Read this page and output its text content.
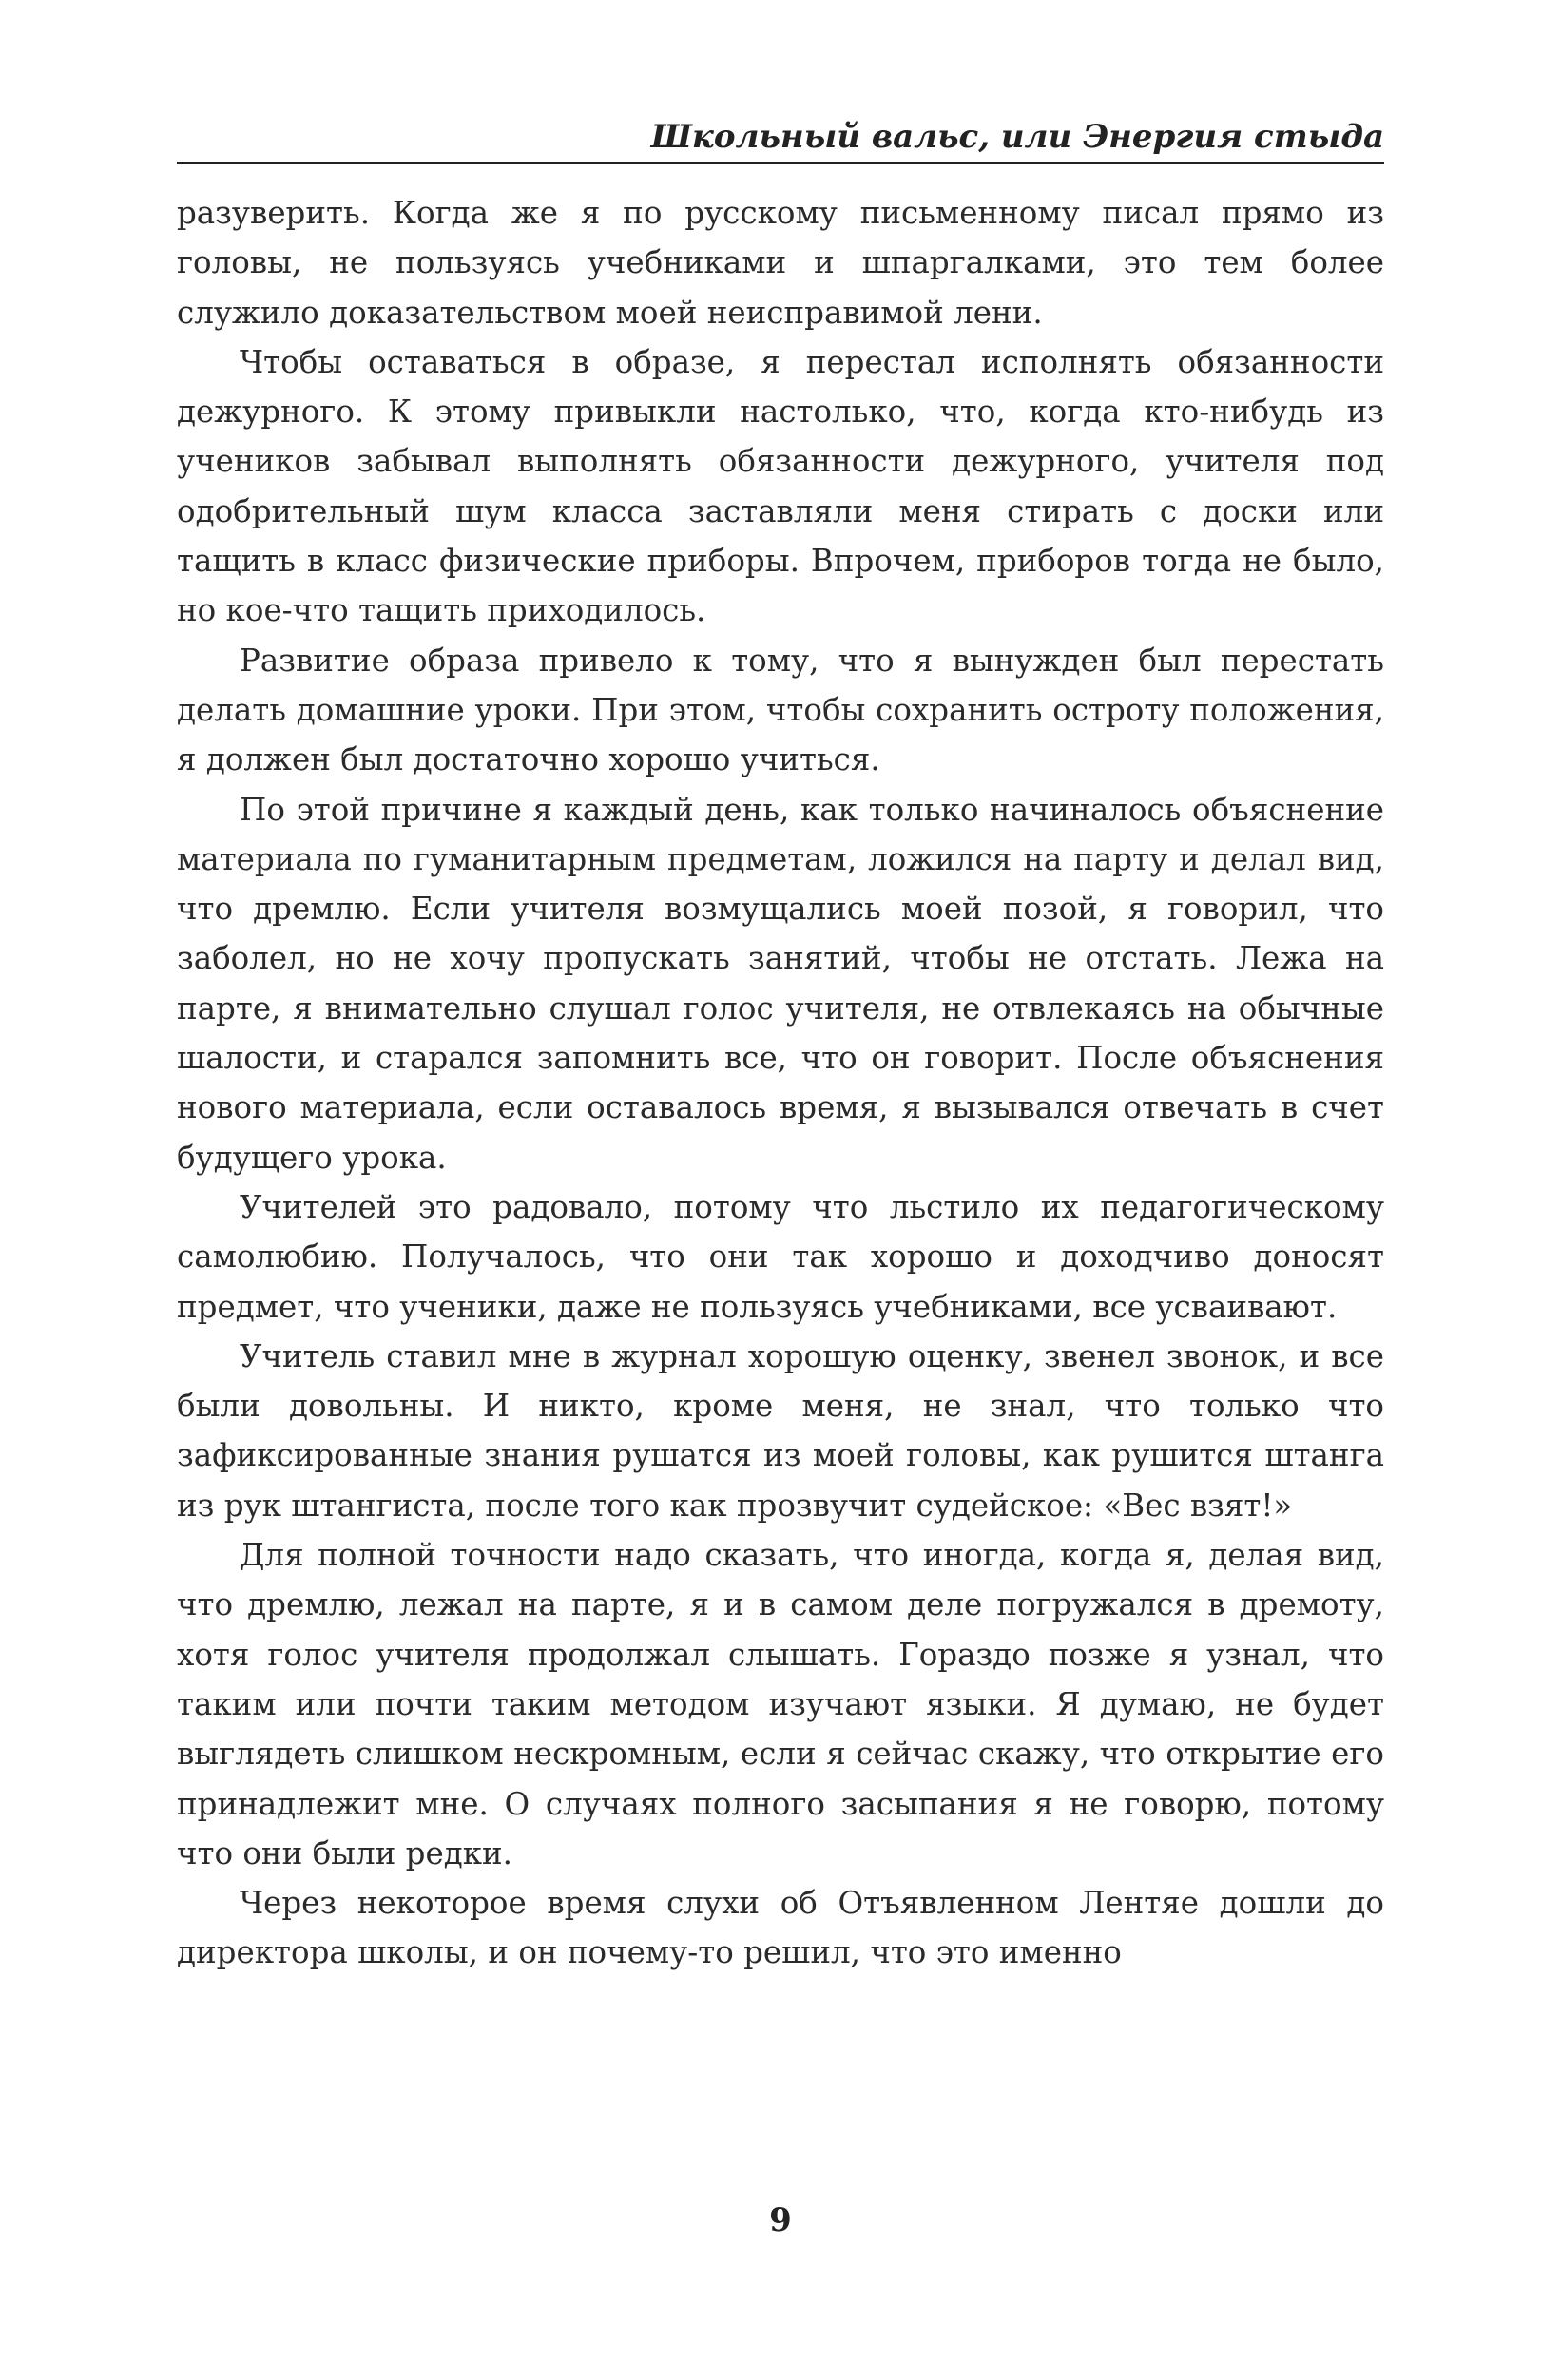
Школьный вальс, или Энергия стыда

разуверить. Когда же я по русскому письменному писал прямо из головы, не пользуясь учебниками и шпаргалками, это тем более служило доказательством моей неисправимой лени.

Чтобы оставаться в образе, я перестал исполнять обязанности дежурного. К этому привыкли настолько, что, когда кто-нибудь из учеников забывал выполнять обязанности дежурного, учителя под одобрительный шум класса заставляли меня стирать с доски или тащить в класс физические приборы. Впрочем, приборов тогда не было, но кое-что тащить приходилось.

Развитие образа привело к тому, что я вынужден был перестать делать домашние уроки. При этом, чтобы сохранить остроту положения, я должен был достаточно хорошо учиться.

По этой причине я каждый день, как только начиналось объяснение материала по гуманитарным предметам, ложился на парту и делал вид, что дремлю. Если учителя возмущались моей позой, я говорил, что заболел, но не хочу пропускать занятий, чтобы не отстать. Лежа на парте, я внимательно слушал голос учителя, не отвлекаясь на обычные шалости, и старался запомнить все, что он говорит. После объяснения нового материала, если оставалось время, я вызывался отвечать в счет будущего урока.

Учителей это радовало, потому что льстило их педагогическому самолюбию. Получалось, что они так хорошо и доходчиво доносят предмет, что ученики, даже не пользуясь учебниками, все усваивают.

Учитель ставил мне в журнал хорошую оценку, звенел звонок, и все были довольны. И никто, кроме меня, не знал, что только что зафиксированные знания рушатся из моей головы, как рушится штанга из рук штангиста, после того как прозвучит судейское: «Вес взят!»

Для полной точности надо сказать, что иногда, когда я, делая вид, что дремлю, лежал на парте, я и в самом деле погружался в дремоту, хотя голос учителя продолжал слышать. Гораздо позже я узнал, что таким или почти таким методом изучают языки. Я думаю, не будет выглядеть слишком нескромным, если я сейчас скажу, что открытие его принадлежит мне. О случаях полного засыпания я не говорю, потому что они были редки.

Через некоторое время слухи об Отъявленном Лентяе дошли до директора школы, и он почему-то решил, что это именно

9
